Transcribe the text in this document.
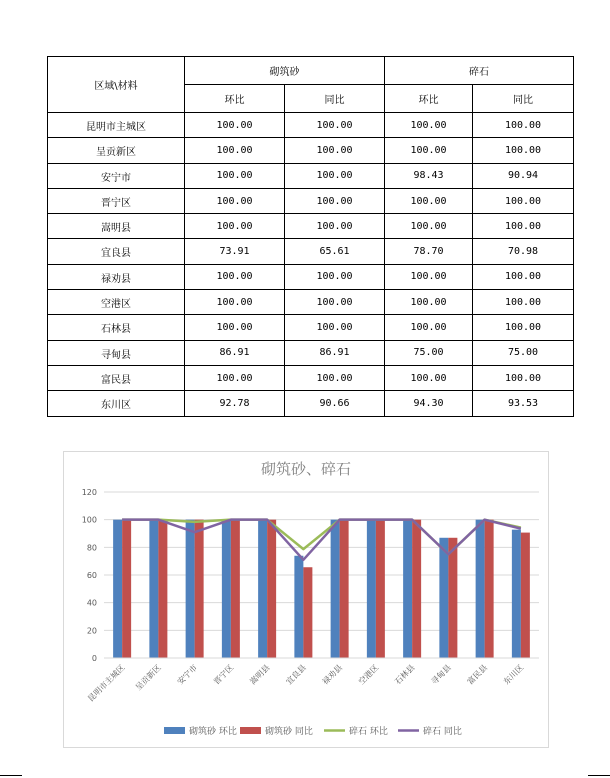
区域\材料	砌筑砂		碎石	
	环比	同比	环比	同比
昆明市主城区	100.00	100.00	100.00	100.00
呈贡新区	100.00	100.00	100.00	100.00
安宁市	100.00	100.00	98.43	90.94
晋宁区	100.00	100.00	100.00	100.00
嵩明县	100.00	100.00	100.00	100.00
宜良县	73.91	65.61	78.70	70.98
禄劝县	100.00	100.00	100.00	100.00
空港区	100.00	100.00	100.00	100.00
石林县	100.00	100.00	100.00	100.00
寻甸县	86.91	86.91	75.00	75.00
富民县	100.00	100.00	100.00	100.00
东川区	92.78	90.66	94.30	93.53
砌筑砂、碎石
0
20
40
60
80
100
120
昆明市主城区 呈贡新区 安宁市 晋宁区 嵩明县 宜良县 禄劝县 空港区 石林县 寻甸县 富民县 东川区
砌筑砂 环比	砌筑砂 同比	碎石 环比	碎石 同比
